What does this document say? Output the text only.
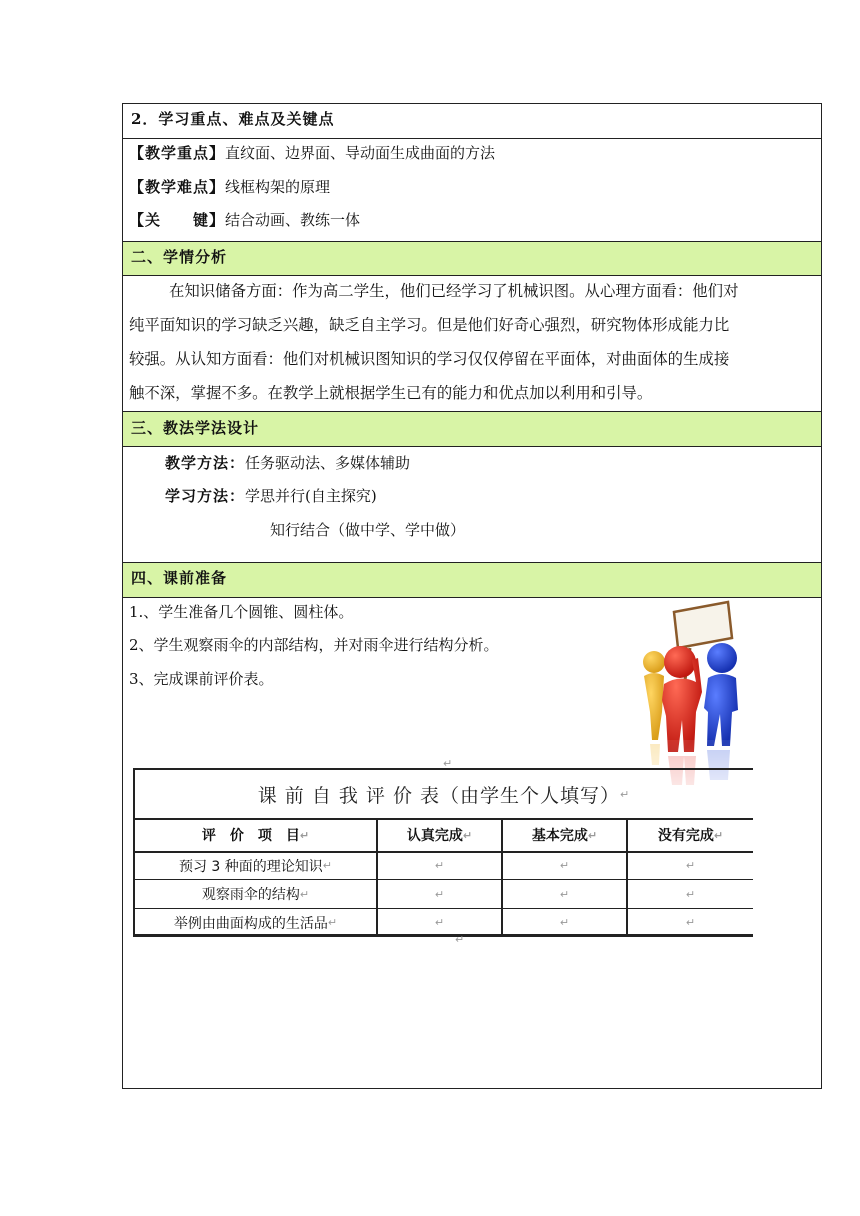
2．学习重点、难点及关键点
【教学重点】直纹面、边界面、导动面生成曲面的方法
【教学难点】线框构架的原理
【关　　键】结合动画、教练一体
二、学情分析
在知识储备方面：作为高二学生，他们已经学习了机械识图。从心理方面看：他们对
纯平面知识的学习缺乏兴趣，缺乏自主学习。但是他们好奇心强烈，研究物体形成能力比
较强。从认知方面看：他们对机械识图知识的学习仅仅停留在平面体，对曲面体的生成接
触不深，掌握不多。在教学上就根据学生已有的能力和优点加以利用和引导。
三、教法学法设计
教学方法：任务驱动法、多媒体辅助
学习方法：学思并行(自主探究)
知行结合（做中学、学中做）
四、课前准备
1.、学生准备几个圆锥、圆柱体。
2、学生观察雨伞的内部结构，并对雨伞进行结构分析。
3、完成课前评价表。
↵
课 前 自 我 评 价 表（由学生个人填写） ↵
评　价　项　目 ↵	认真完成 ↵	基本完成 ↵	没有完成 ↵
预习 3 种面的理论知识 ↵	↵	↵	↵
观察雨伞的结构 ↵	↵	↵	↵
举例由曲面构成的生活品 ↵	↵	↵	↵
↵
